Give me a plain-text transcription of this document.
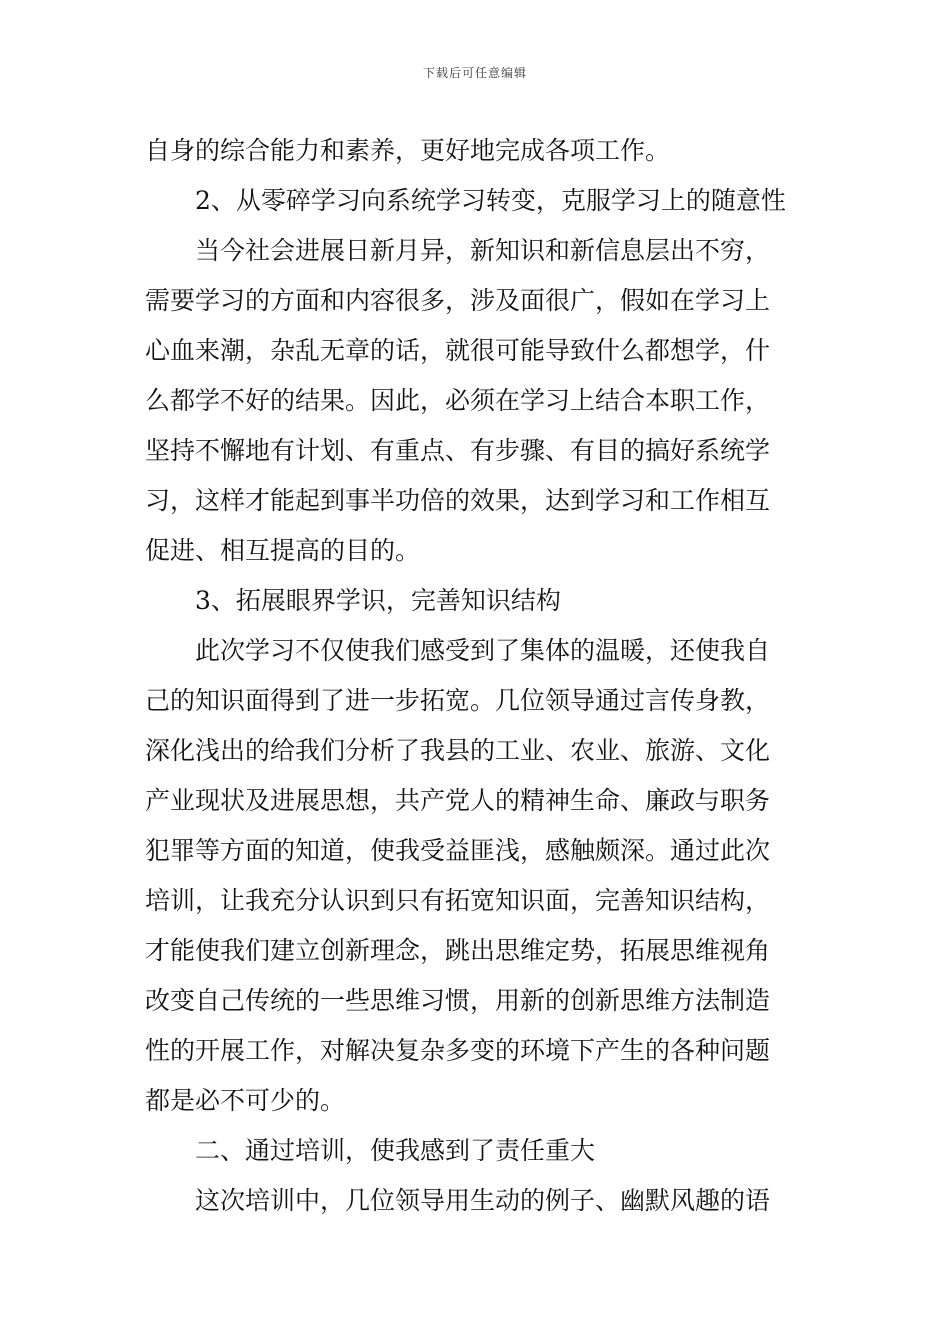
下载后可任意编辑
自身的综合能力和素养，更好地完成各项工作。
2、从零碎学习向系统学习转变，克服学习上的随意性
当今社会进展日新月异，新知识和新信息层出不穷，
需要学习的方面和内容很多，涉及面很广，假如在学习上
心血来潮，杂乱无章的话，就很可能导致什么都想学，什
么都学不好的结果。因此，必须在学习上结合本职工作，
坚持不懈地有计划、有重点、有步骤、有目的搞好系统学
习，这样才能起到事半功倍的效果，达到学习和工作相互
促进、相互提高的目的。
3、拓展眼界学识，完善知识结构
此次学习不仅使我们感受到了集体的温暖，还使我自
己的知识面得到了进一步拓宽。几位领导通过言传身教，
深化浅出的给我们分析了我县的工业、农业、旅游、文化
产业现状及进展思想，共产党人的精神生命、廉政与职务
犯罪等方面的知道，使我受益匪浅，感触颇深。通过此次
培训，让我充分认识到只有拓宽知识面，完善知识结构，
才能使我们建立创新理念，跳出思维定势，拓展思维视角
改变自己传统的一些思维习惯，用新的创新思维方法制造
性的开展工作，对解决复杂多变的环境下产生的各种问题
都是必不可少的。
二、通过培训，使我感到了责任重大
这次培训中，几位领导用生动的例子、幽默风趣的语
